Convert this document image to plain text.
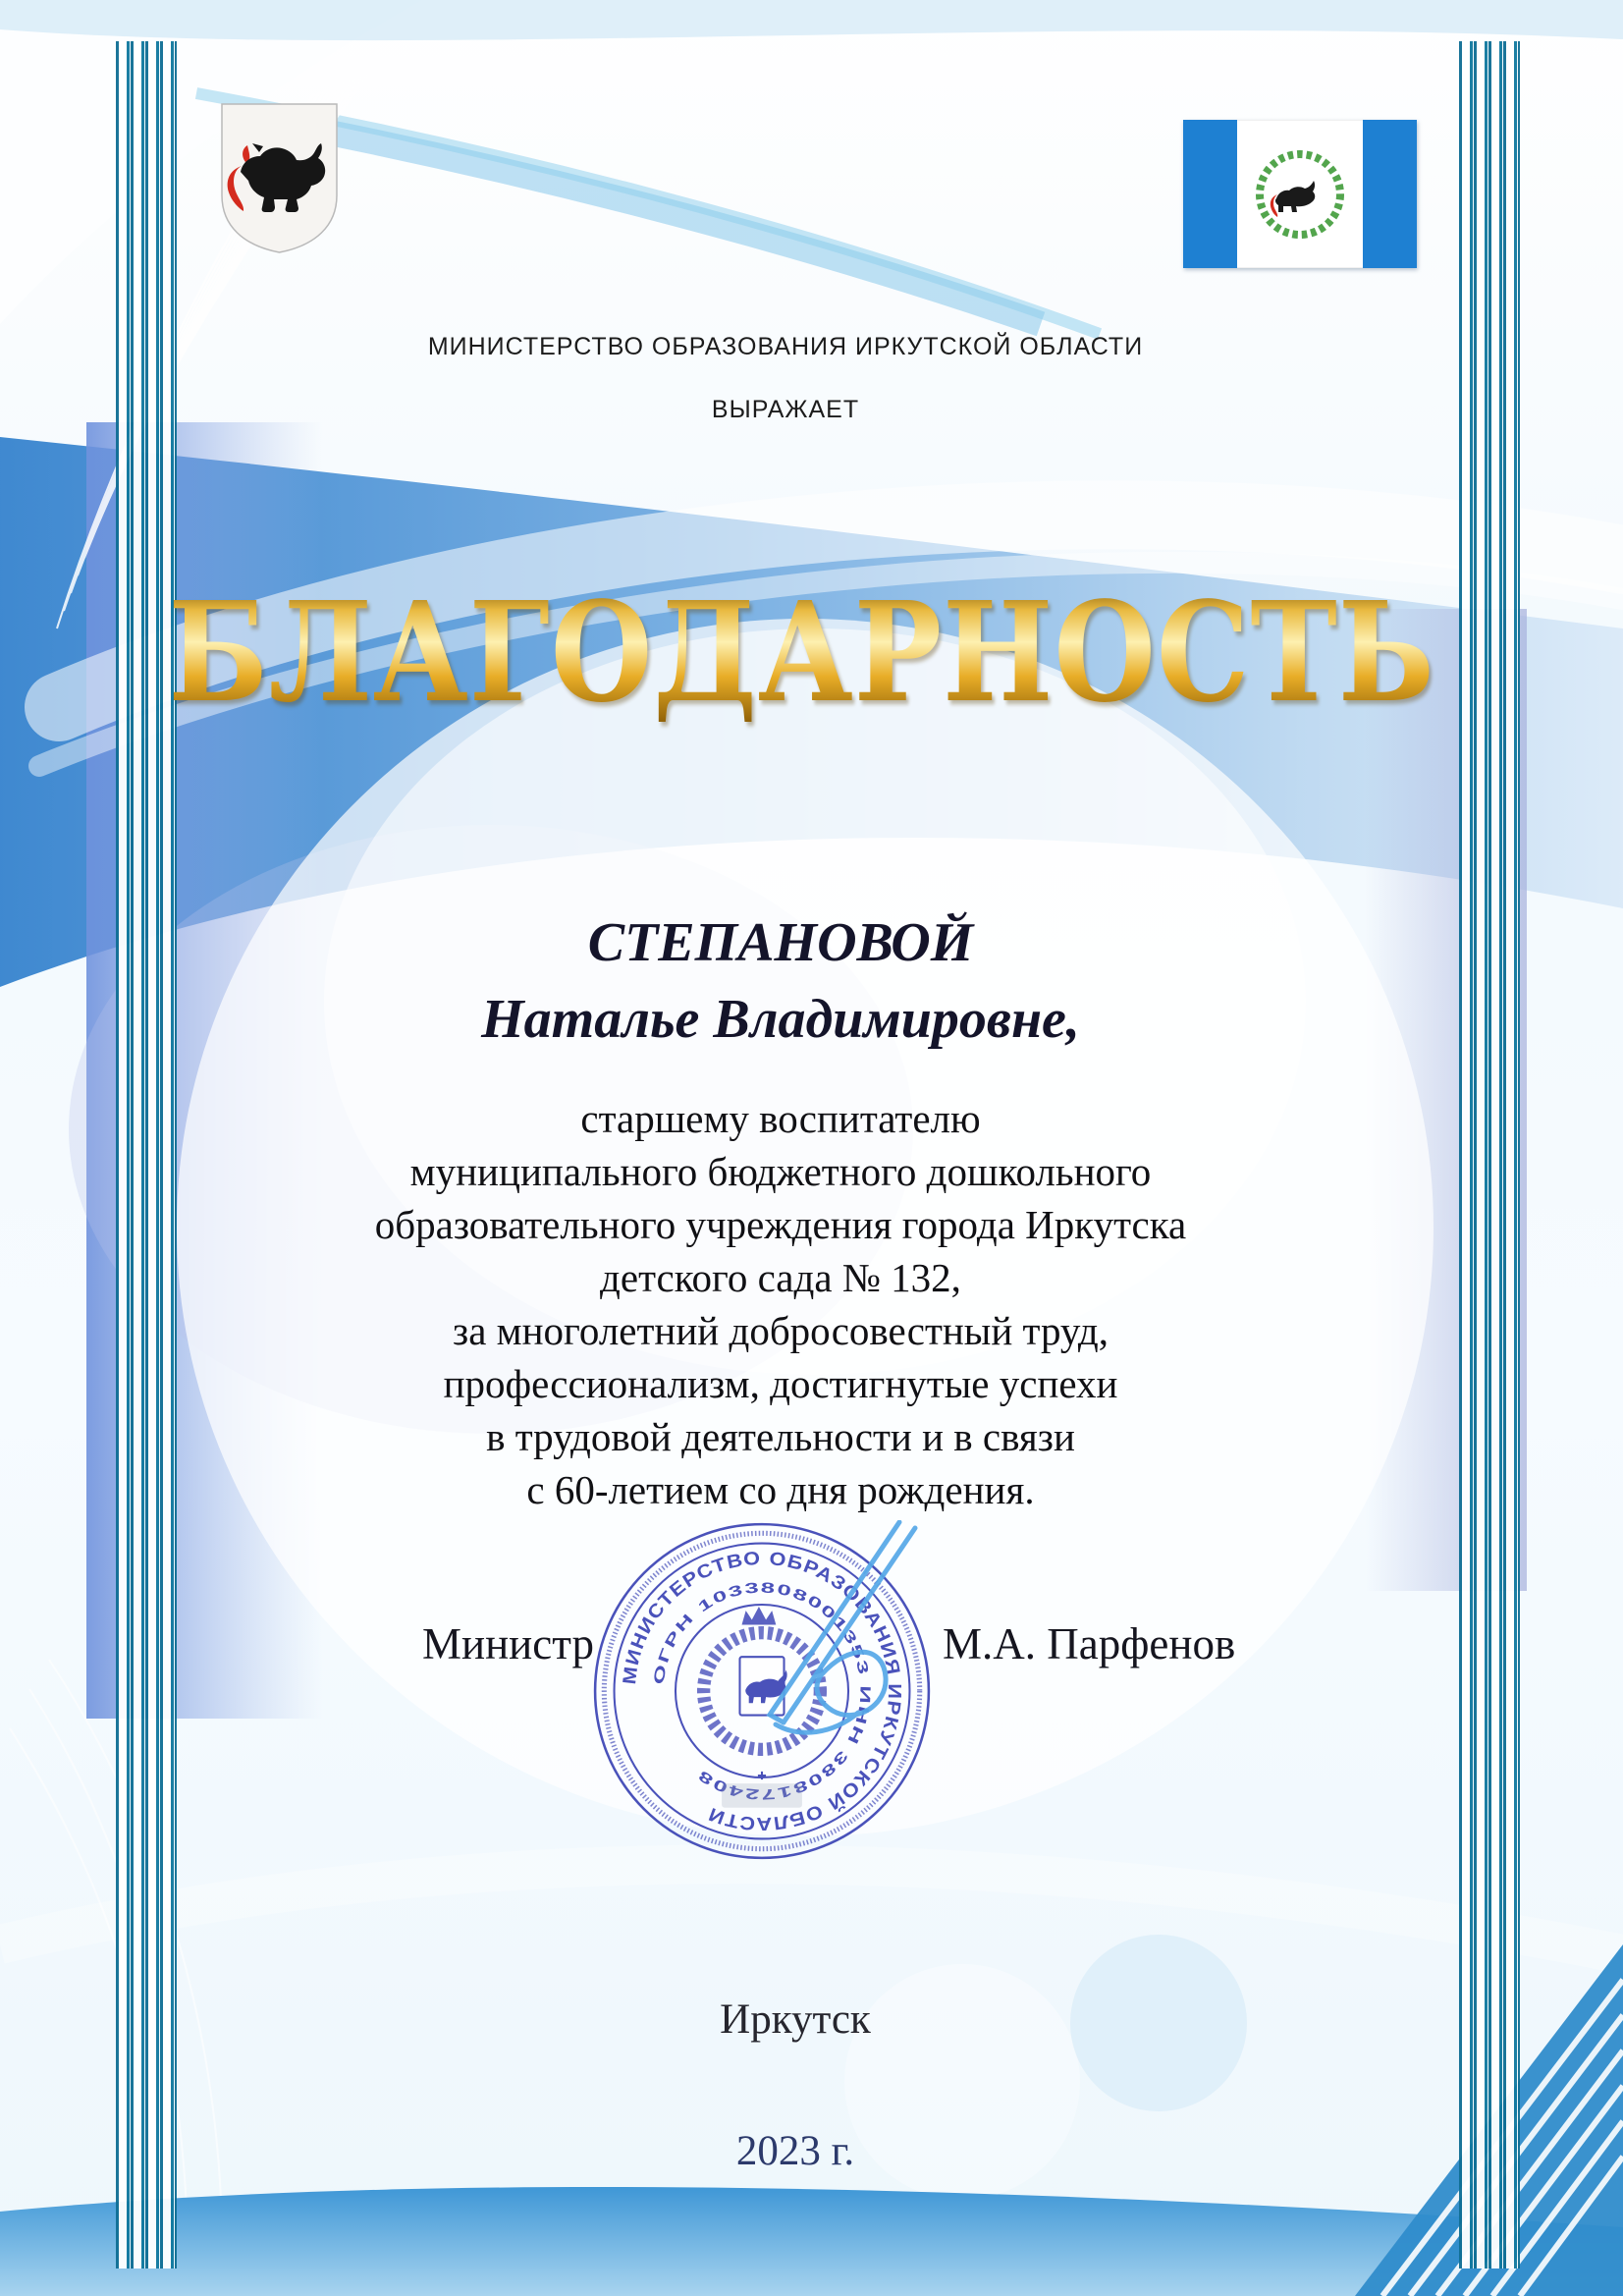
МИНИСТЕРСТВО ОБРАЗОВАНИЯ ИРКУТСКОЙ ОБЛАСТИ
ВЫРАЖАЕТ
БЛАГОДАРНОСТЬ
СТЕПАНОВОЙ
Наталье Владимировне,
старшему воспитателю
муниципального бюджетного дошкольного
образовательного учреждения города Иркутска
детского сада № 132,
за многолетний добросовестный труд,
профессионализм, достигнутые успехи
в трудовой деятельности и в связи
с 60-летием со дня рождения.
Министр	М.А. Парфенов
МИНИСТЕРСТВО ОБРАЗОВАНИЯ ИРКУТСКОЙ ОБЛАСТИ
ОГРН 1033808001353 ИНН 3808172408
Иркутск
2023 г.
